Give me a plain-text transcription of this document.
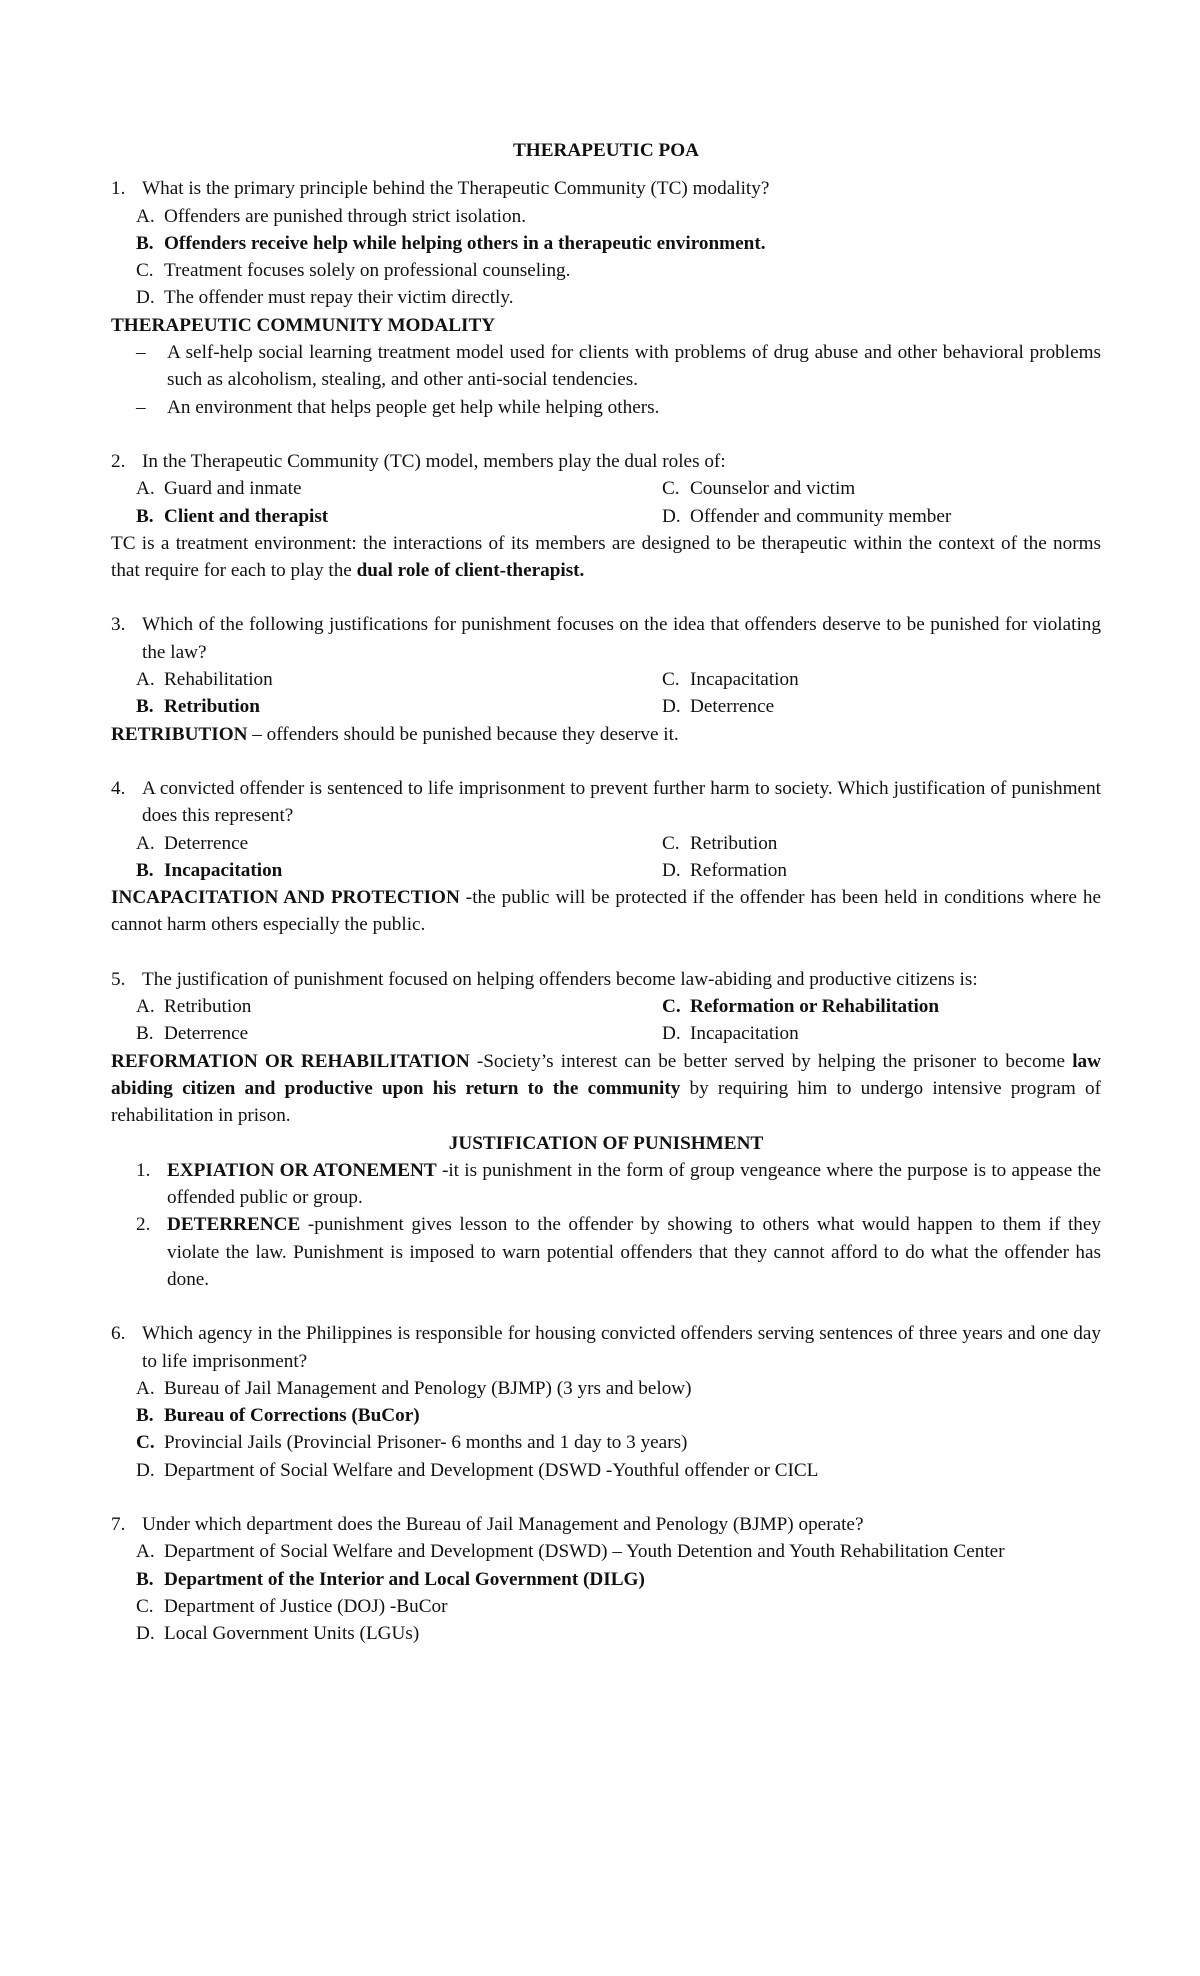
THERAPEUTIC POA
1. What is the primary principle behind the Therapeutic Community (TC) modality?
A. Offenders are punished through strict isolation.
B. Offenders receive help while helping others in a therapeutic environment.
C. Treatment focuses solely on professional counseling.
D. The offender must repay their victim directly.
THERAPEUTIC COMMUNITY MODALITY
–	A self-help social learning treatment model used for clients with problems of drug abuse and other behavioral problems such as alcoholism, stealing, and other anti-social tendencies.
–	An environment that helps people get help while helping others.
2. In the Therapeutic Community (TC) model, members play the dual roles of:
A. Guard and inmate	C. Counselor and victim
B. Client and therapist	D. Offender and community member
TC is a treatment environment: the interactions of its members are designed to be therapeutic within the context of the norms that require for each to play the dual role of client-therapist.
3. Which of the following justifications for punishment focuses on the idea that offenders deserve to be punished for violating the law?
A. Rehabilitation	C. Incapacitation
B. Retribution	D. Deterrence
RETRIBUTION – offenders should be punished because they deserve it.
4. A convicted offender is sentenced to life imprisonment to prevent further harm to society. Which justification of punishment does this represent?
A. Deterrence	C. Retribution
B. Incapacitation	D. Reformation
INCAPACITATION AND PROTECTION -the public will be protected if the offender has been held in conditions where he cannot harm others especially the public.
5. The justification of punishment focused on helping offenders become law-abiding and productive citizens is:
A. Retribution	C. Reformation or Rehabilitation
B. Deterrence	D. Incapacitation
REFORMATION OR REHABILITATION -Society’s interest can be better served by helping the prisoner to become law abiding citizen and productive upon his return to the community by requiring him to undergo intensive program of rehabilitation in prison.
JUSTIFICATION OF PUNISHMENT
1. EXPIATION OR ATONEMENT -it is punishment in the form of group vengeance where the purpose is to appease the offended public or group.
2. DETERRENCE -punishment gives lesson to the offender by showing to others what would happen to them if they violate the law. Punishment is imposed to warn potential offenders that they cannot afford to do what the offender has done.
6. Which agency in the Philippines is responsible for housing convicted offenders serving sentences of three years and one day to life imprisonment?
A. Bureau of Jail Management and Penology (BJMP) (3 yrs and below)
B. Bureau of Corrections (BuCor)
C. Provincial Jails (Provincial Prisoner- 6 months and 1 day to 3 years)
D. Department of Social Welfare and Development (DSWD -Youthful offender or CICL
7. Under which department does the Bureau of Jail Management and Penology (BJMP) operate?
A. Department of Social Welfare and Development (DSWD) – Youth Detention and Youth Rehabilitation Center
B. Department of the Interior and Local Government (DILG)
C. Department of Justice (DOJ) -BuCor
D. Local Government Units (LGUs)
